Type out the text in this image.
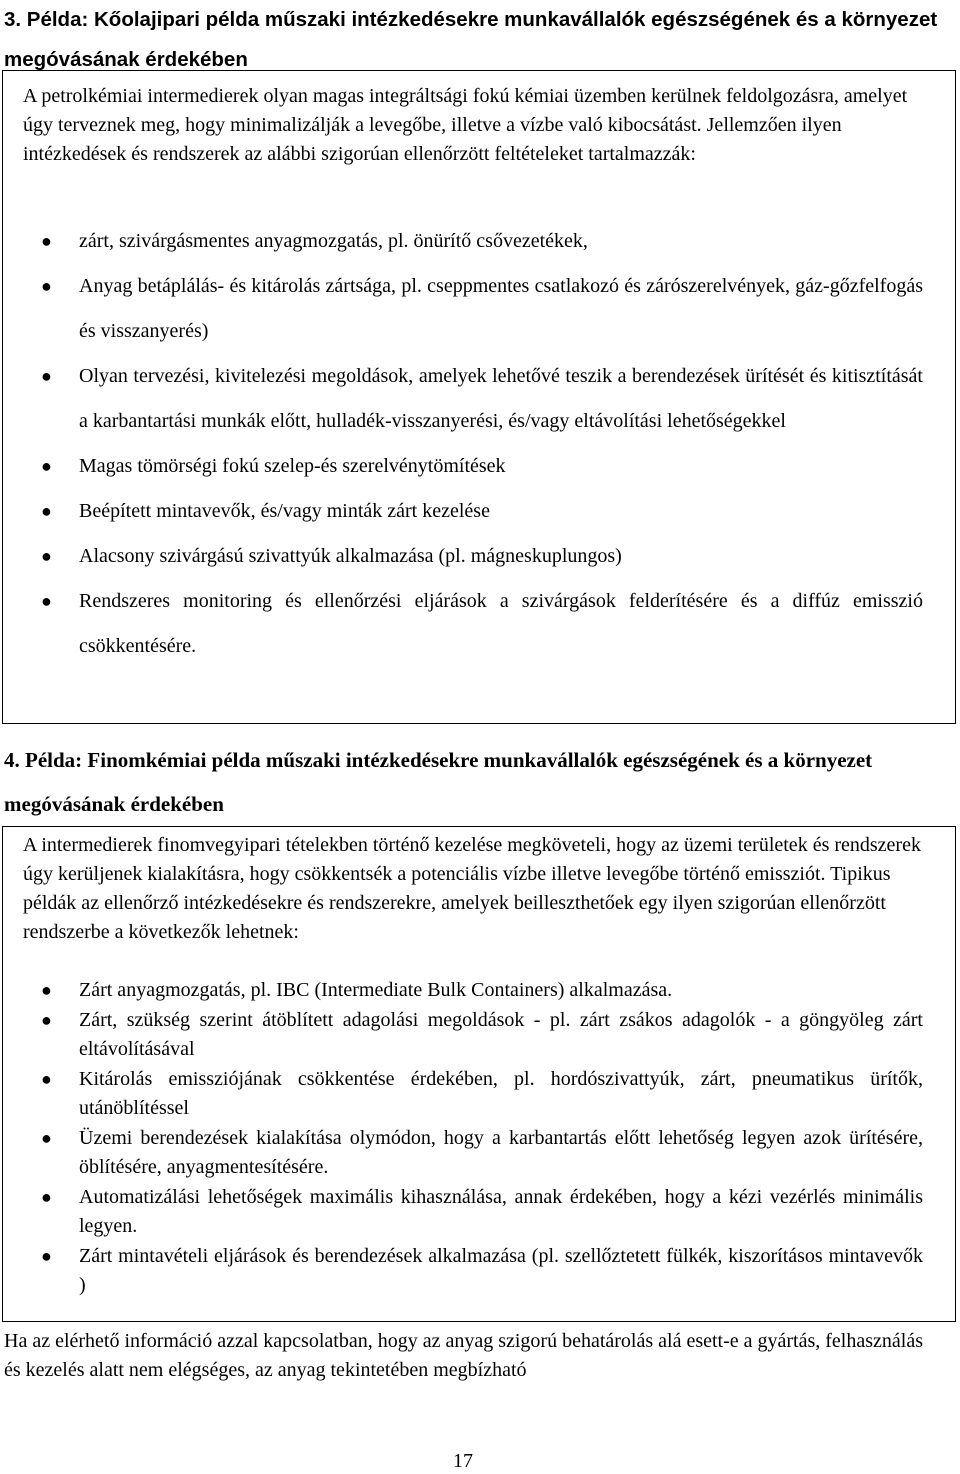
3. Példa: Kőolajipari példa műszaki intézkedésekre munkavállalók egészségének és a környezet megóvásának érdekében
A petrolkémiai intermedierek olyan magas integráltsági fokú kémiai üzemben kerülnek feldolgozásra, amelyet úgy terveznek meg, hogy minimalizálják a levegőbe, illetve a vízbe való kibocsátást. Jellemzően ilyen intézkedések és rendszerek az alábbi szigorúan ellenőrzött feltételeket tartalmazzák:
● zárt, szivárgásmentes anyagmozgatás, pl. önürítő csővezetékek,
● Anyag betáplálás- és kitárolás zártsága, pl. cseppmentes csatlakozó és zárószerelvények, gáz-gőzfelfogás és visszanyerés)
● Olyan tervezési, kivitelezési megoldások, amelyek lehetővé teszik a berendezések ürítését és kitisztítását a karbantartási munkák előtt, hulladék-visszanyerési, és/vagy eltávolítási lehetőségekkel
● Magas tömörségi fokú szelep-és szerelvénytömítések
● Beépített mintavevők, és/vagy minták zárt kezelése
● Alacsony szivárgású szivattyúk alkalmazása (pl. mágneskuplungos)
● Rendszeres monitoring és ellenőrzési eljárások a szivárgások felderítésére és a diffúz emisszió csökkentésére.
4. Példa: Finomkémiai példa műszaki intézkedésekre munkavállalók egészségének és a környezet megóvásának érdekében
A intermedierek finomvegyipari tételekben történő kezelése megköveteli, hogy az üzemi területek és rendszerek úgy kerüljenek kialakításra, hogy csökkentsék a potenciális vízbe illetve levegőbe történő emissziót. Tipikus példák az ellenőrző intézkedésekre és rendszerekre, amelyek beilleszthetőek egy ilyen szigorúan ellenőrzött rendszerbe a következők lehetnek:
● Zárt anyagmozgatás, pl. IBC (Intermediate Bulk Containers) alkalmazása.
● Zárt, szükség szerint átöblített adagolási megoldások - pl. zárt zsákos adagolók - a göngyöleg zárt eltávolításával
● Kitárolás emissziójának csökkentése érdekében, pl. hordószivattyúk, zárt, pneumatikus ürítők, utánöblítéssel
● Üzemi berendezések kialakítása olymódon, hogy a karbantartás előtt lehetőség legyen azok ürítésére, öblítésére, anyagmentesítésére.
● Automatizálási lehetőségek maximális kihasználása, annak érdekében, hogy a kézi vezérlés minimális legyen.
● Zárt mintavételi eljárások és berendezések alkalmazása (pl. szellőztetett fülkék, kiszorításos mintavevők )
Ha az elérhető információ azzal kapcsolatban, hogy az anyag szigorú behatárolás alá esett-e a gyártás, felhasználás és kezelés alatt nem elégséges, az anyag tekintetében megbízható
17
